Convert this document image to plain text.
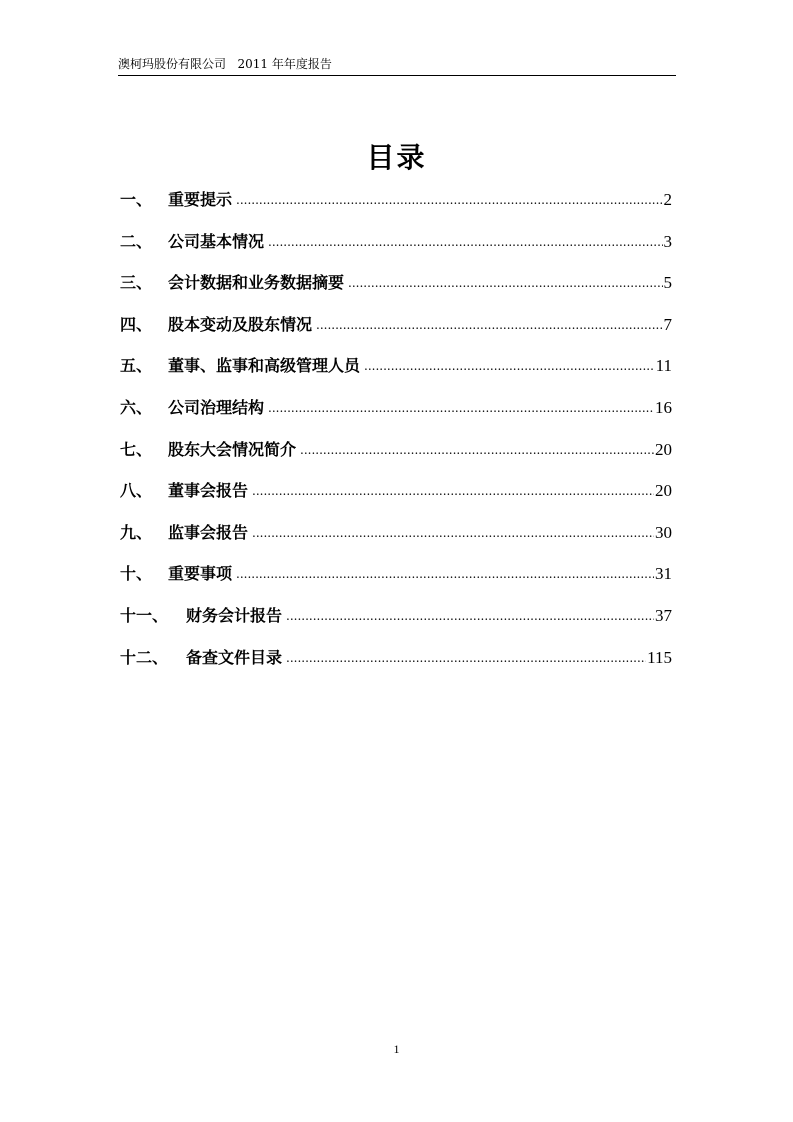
澳柯玛股份有限公司 2011 年年度报告
目录
一、 重要提示 .....	2
二、 公司基本情况 .....	3
三、 会计数据和业务数据摘要 .....	5
四、 股本变动及股东情况 .....	7
五、 董事、监事和高级管理人员 .....	11
六、 公司治理结构 .....	16
七、 股东大会情况简介 .....	20
八、 董事会报告 .....	20
九、 监事会报告 .....	30
十、 重要事项 .....	31
十一、	财务会计报告 .....	37
十二、	备查文件目录 .....	115
1
